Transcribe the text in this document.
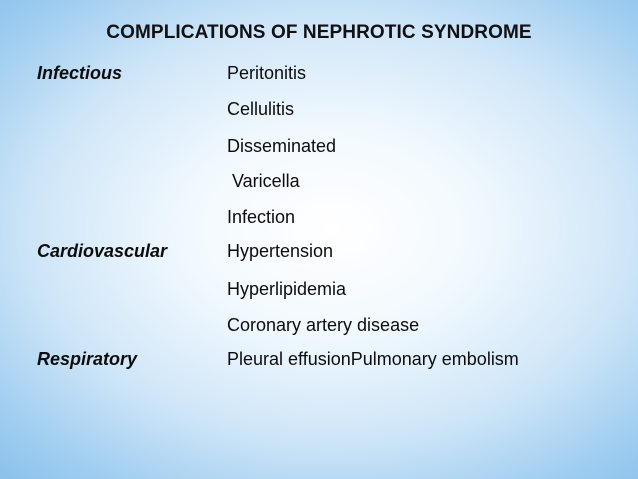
COMPLICATIONS OF NEPHROTIC SYNDROME
Infectious	Peritonitis
Cellulitis
Disseminated
Varicella
Infection
Cardiovascular	Hypertension
Hyperlipidemia
Coronary artery disease
Respiratory	Pleural effusionPulmonary embolism
